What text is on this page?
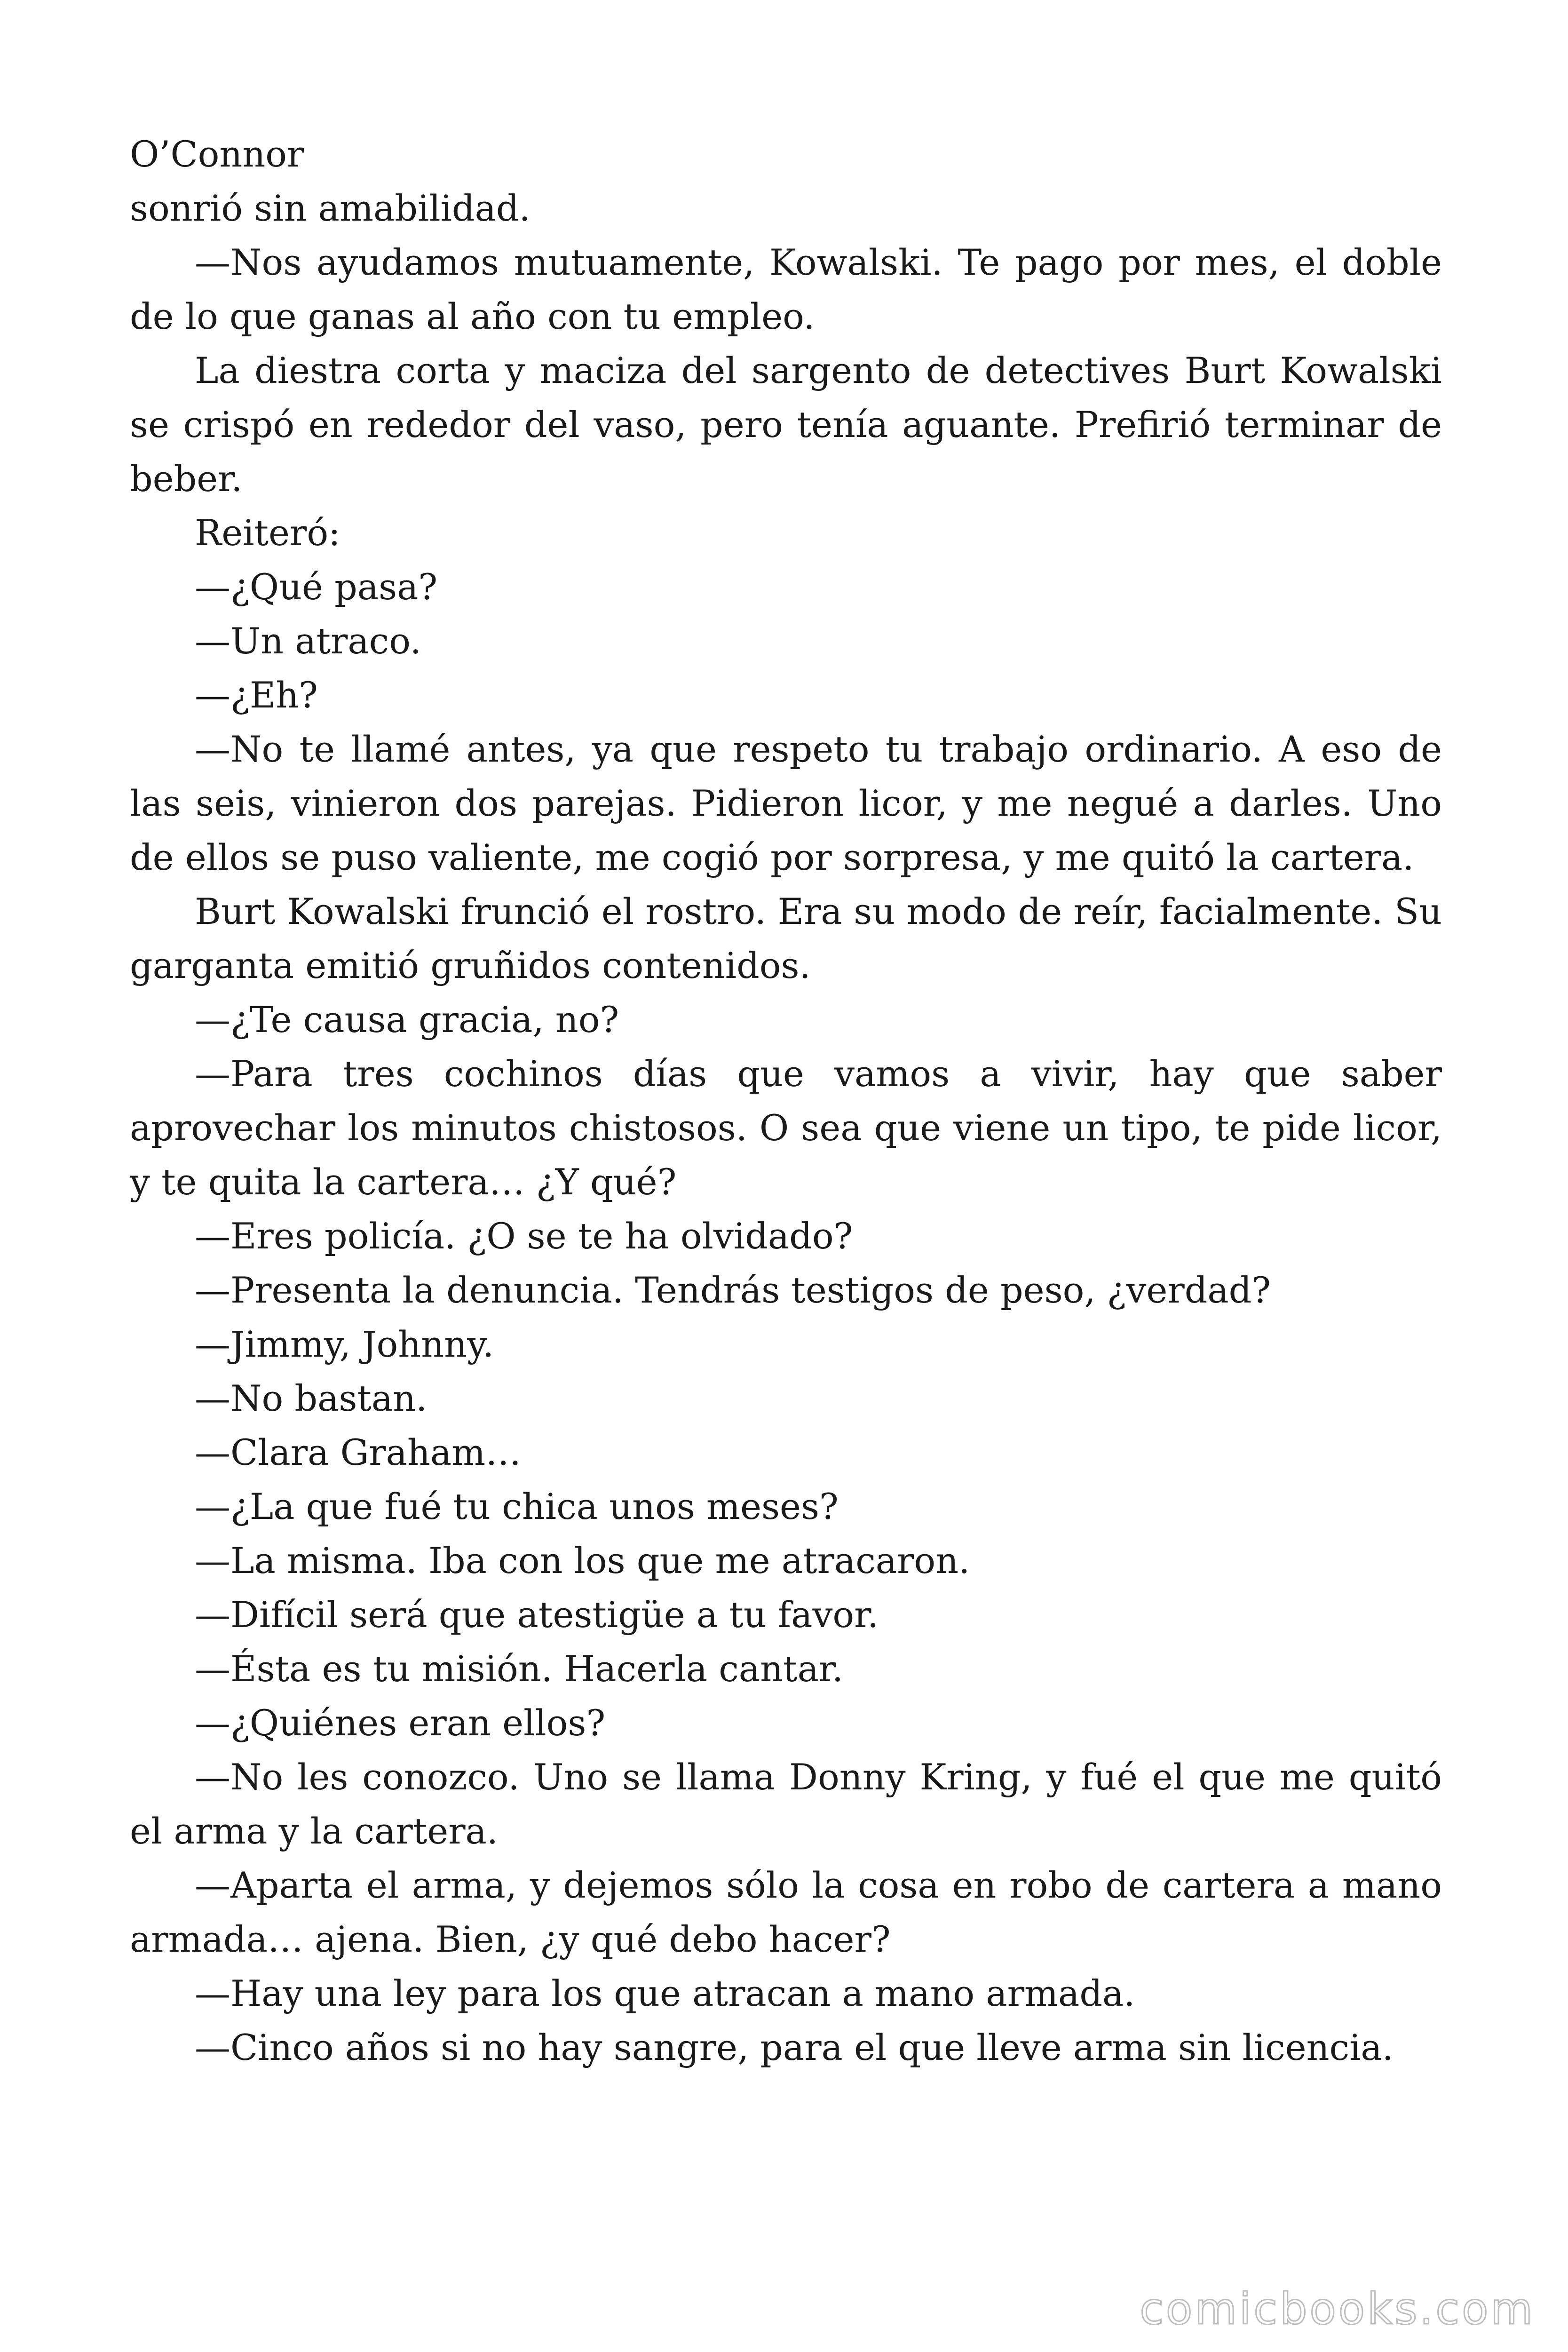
O’Connor

sonrió sin amabilidad.

—Nos ayudamos mutuamente, Kowalski. Te pago por mes, el doble de lo que ganas al año con tu empleo.

La diestra corta y maciza del sargento de detectives Burt Kowalski se crispó en rededor del vaso, pero tenía aguante. Prefirió terminar de beber.

Reiteró:

—¿Qué pasa?

—Un atraco.

—¿Eh?

—No te llamé antes, ya que respeto tu trabajo ordinario. A eso de las seis, vinieron dos parejas. Pidieron licor, y me negué a darles. Uno de ellos se puso valiente, me cogió por sorpresa, y me quitó la cartera.

Burt Kowalski frunció el rostro. Era su modo de reír, facialmente. Su garganta emitió gruñidos contenidos.

—¿Te causa gracia, no?

—Para tres cochinos días que vamos a vivir, hay que saber aprovechar los minutos chistosos. O sea que viene un tipo, te pide licor, y te quita la cartera… ¿Y qué?

—Eres policía. ¿O se te ha olvidado?

—Presenta la denuncia. Tendrás testigos de peso, ¿verdad?

—Jimmy, Johnny.

—No bastan.

—Clara Graham…

—¿La que fué tu chica unos meses?

—La misma. Iba con los que me atracaron.

—Difícil será que atestigüe a tu favor.

—Ésta es tu misión. Hacerla cantar.

—¿Quiénes eran ellos?

—No les conozco. Uno se llama Donny Kring, y fué el que me quitó el arma y la cartera.

—Aparta el arma, y dejemos sólo la cosa en robo de cartera a mano armada… ajena. Bien, ¿y qué debo hacer?

—Hay una ley para los que atracan a mano armada.

—Cinco años si no hay sangre, para el que lleve arma sin licencia.

comicbooks.com
